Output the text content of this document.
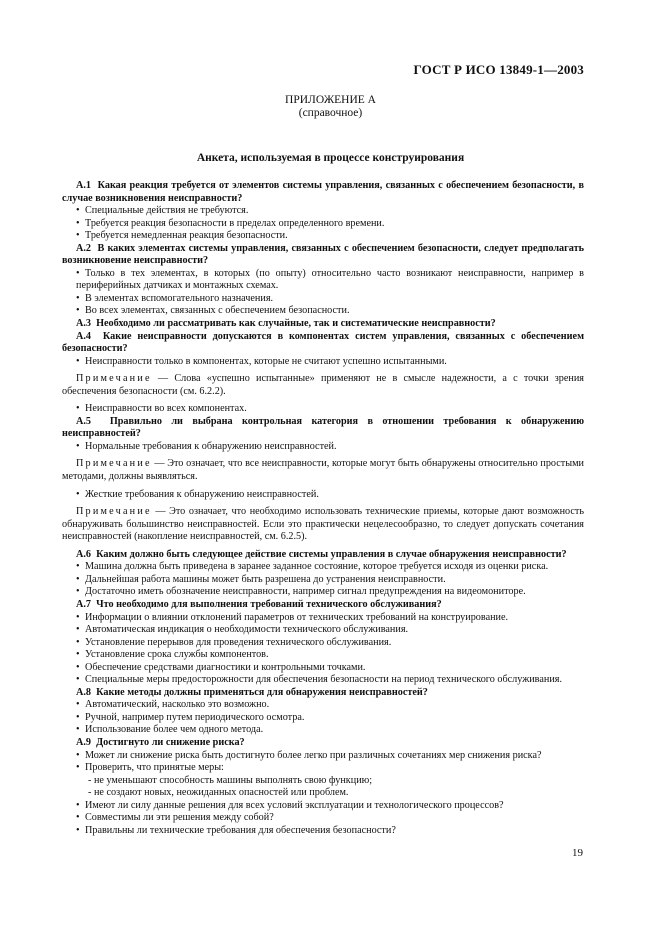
ГОСТ Р ИСО 13849-1—2003
ПРИЛОЖЕНИЕ А
(справочное)
Анкета, используемая в процессе конструирования
А.1 Какая реакция требуется от элементов системы управления, связанных с обеспечением безопасности, в случае возникновения неисправности?
• Специальные действия не требуются.
• Требуется реакция безопасности в пределах определенного времени.
• Требуется немедленная реакция безопасности.
А.2 В каких элементах системы управления, связанных с обеспечением безопасности, следует предполагать возникновение неисправности?
• Только в тех элементах, в которых (по опыту) относительно часто возникают неисправности, например в периферийных датчиках и монтажных схемах.
• В элементах вспомогательного назначения.
• Во всех элементах, связанных с обеспечением безопасности.
А.3 Необходимо ли рассматривать как случайные, так и систематические неисправности?
А.4 Какие неисправности допускаются в компонентах систем управления, связанных с обеспечением безопасности?
• Неисправности только в компонентах, которые не считают успешно испытанными.
Примечание — Слова «успешно испытанные» применяют не в смысле надежности, а с точки зрения обеспечения безопасности (см. 6.2.2).
• Неисправности во всех компонентах.
А.5 Правильно ли выбрана контрольная категория в отношении требования к обнаружению неисправностей?
• Нормальные требования к обнаружению неисправностей.
Примечание — Это означает, что все неисправности, которые могут быть обнаружены относительно простыми методами, должны выявляться.
• Жесткие требования к обнаружению неисправностей.
Примечание — Это означает, что необходимо использовать технические приемы, которые дают возможность обнаруживать большинство неисправностей. Если это практически нецелесообразно, то следует допускать сочетания неисправностей (накопление неисправностей, см. 6.2.5).
А.6 Каким должно быть следующее действие системы управления в случае обнаружения неисправности?
• Машина должна быть приведена в заранее заданное состояние, которое требуется исходя из оценки риска.
• Дальнейшая работа машины может быть разрешена до устранения неисправности.
• Достаточно иметь обозначение неисправности, например сигнал предупреждения на видеомониторе.
А.7 Что необходимо для выполнения требований технического обслуживания?
• Информации о влиянии отклонений параметров от технических требований на конструирование.
• Автоматическая индикация о необходимости технического обслуживания.
• Установление перерывов для проведения технического обслуживания.
• Установление срока службы компонентов.
• Обеспечение средствами диагностики и контрольными точками.
• Специальные меры предосторожности для обеспечения безопасности на период технического обслуживания.
А.8 Какие методы должны применяться для обнаружения неисправностей?
• Автоматический, насколько это возможно.
• Ручной, например путем периодического осмотра.
• Использование более чем одного метода.
А.9 Достигнуто ли снижение риска?
• Может ли снижение риска быть достигнуто более легко при различных сочетаниях мер снижения риска?
• Проверить, что принятые меры:
- не уменьшают способность машины выполнять свою функцию;
- не создают новых, неожиданных опасностей или проблем.
• Имеют ли силу данные решения для всех условий эксплуатации и технологического процессов?
• Совместимы ли эти решения между собой?
• Правильны ли технические требования для обеспечения безопасности?
19
